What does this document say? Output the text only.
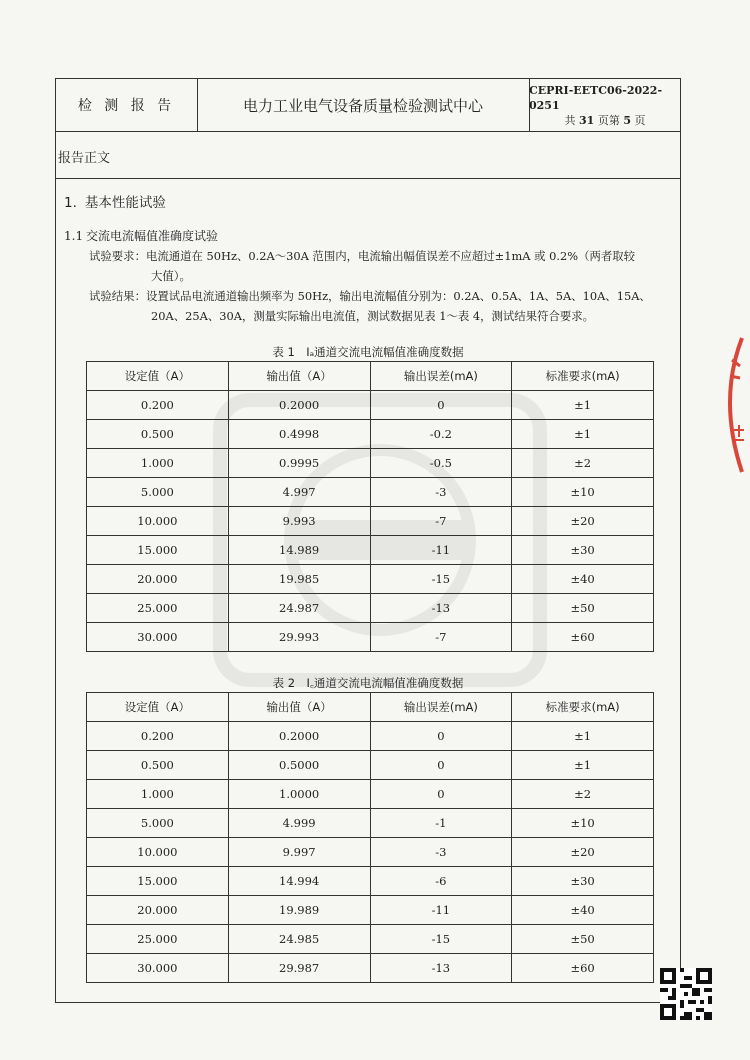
检 测 报 告	电力工业电气设备质量检验测试中心
CEPRI-EETC06-2022-0251
共 31 页第 5 页
报告正文
1. 基本性能试验
1.1 交流电流幅值准确度试验
试验要求：电流通道在 50Hz、0.2A～30A 范围内，电流输出幅值误差不应超过±1mA 或 0.2%（两者取较
大值）。
试验结果：设置试品电流通道输出频率为 50Hz，输出电流幅值分别为：0.2A、0.5A、1A、5A、10A、15A、
20A、25A、30A，测量实际输出电流值，测试数据见表 1～表 4，测试结果符合要求。
表 1　Iₐ通道交流电流幅值准确度数据
设定值（A）	输出值（A）	输出误差(mA)	标准要求(mA)
0.200	0.2000	0	±1
0.500	0.4998	-0.2	±1
1.000	0.9995	-0.5	±2
5.000	4.997	-3	±10
10.000	9.993	-7	±20
15.000	14.989	-11	±30
20.000	19.985	-15	±40
25.000	24.987	-13	±50
30.000	29.993	-7	±60
表 2　I꜀通道交流电流幅值准确度数据
设定值（A）	输出值（A）	输出误差(mA)	标准要求(mA)
0.200	0.2000	0	±1
0.500	0.5000	0	±1
1.000	1.0000	0	±2
5.000	4.999	-1	±10
10.000	9.997	-3	±20
15.000	14.994	-6	±30
20.000	19.989	-11	±40
25.000	24.985	-15	±50
30.000	29.987	-13	±60
